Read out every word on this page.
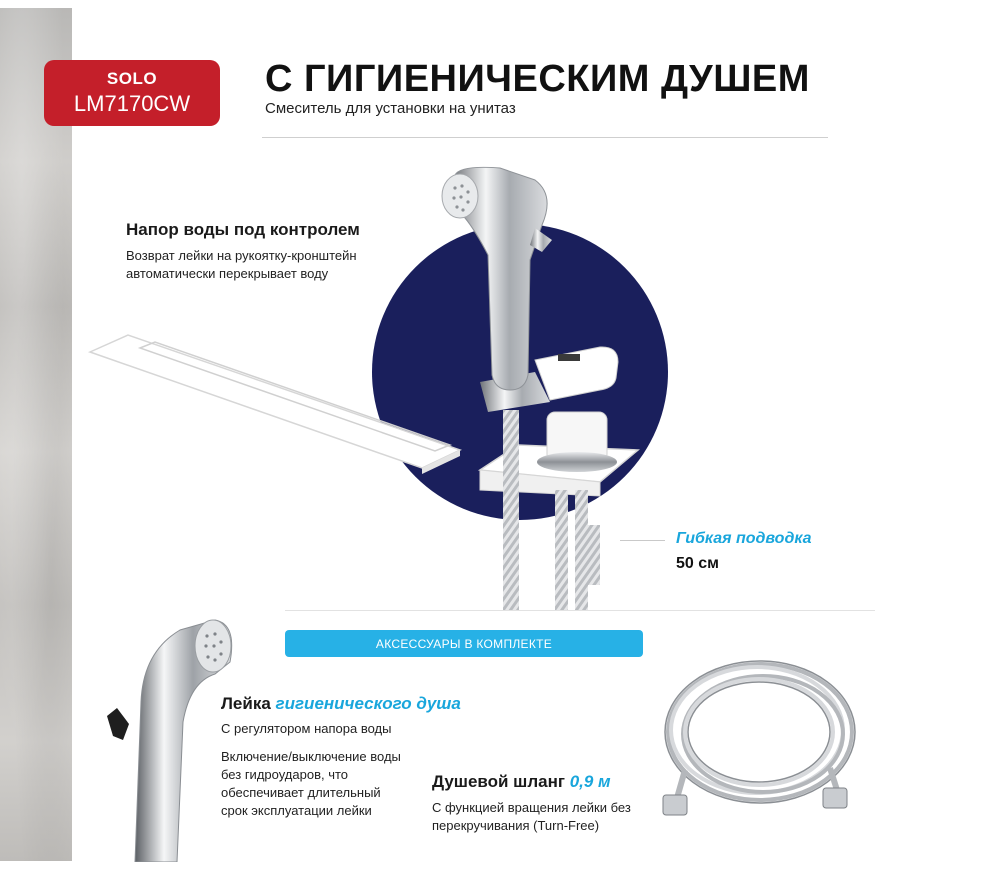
SOLO
LM7170CW
С ГИГИЕНИЧЕСКИМ ДУШЕМ
Смеситель для установки на унитаз
Напор воды под контролем
Возврат лейки на рукоятку-кронштейн автоматически перекрывает воду
Гибкая подводка
50 см
АКСЕССУАРЫ В КОМПЛЕКТЕ
Лейка гигиенического душа
С регулятором напора воды
Включение/выключение воды без гидроударов, что обеспечивает длительный срок эксплуатации лейки
Душевой шланг 0,9 м
С функцией вращения лейки без перекручивания (Turn-Free)
